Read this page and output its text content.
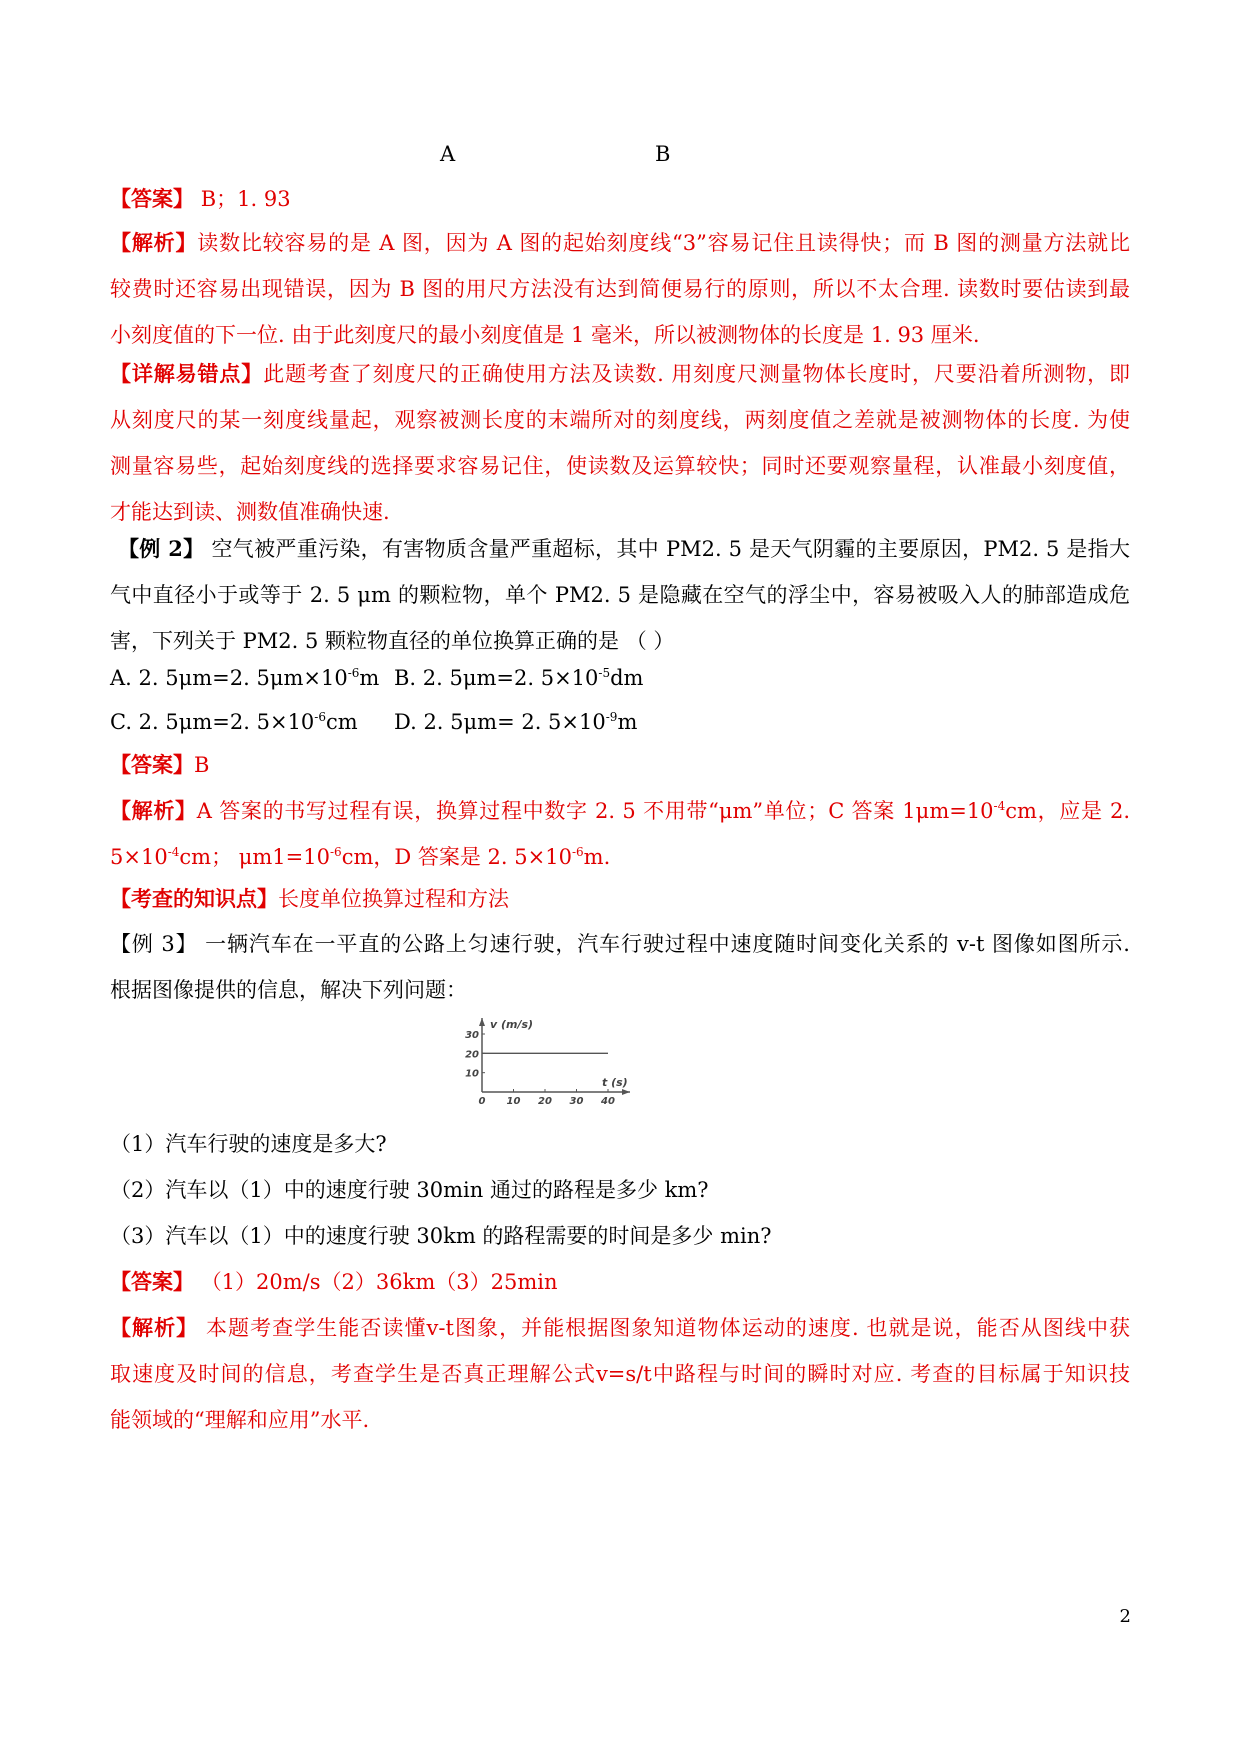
A	B
【答案】 B；1. 93
【解析】读数比较容易的是 A 图，因为 A 图的起始刻度线“3”容易记住且读得快；而 B 图的测量方法就比
较费时还容易出现错误，因为 B 图的用尺方法没有达到简便易行的原则，所以不太合理. 读数时要估读到最
小刻度值的下一位. 由于此刻度尺的最小刻度值是 1 毫米，所以被测物体的长度是 1. 93 厘米.
【详解易错点】此题考查了刻度尺的正确使用方法及读数. 用刻度尺测量物体长度时，尺要沿着所测物，即
从刻度尺的某一刻度线量起，观察被测长度的末端所对的刻度线，两刻度值之差就是被测物体的长度. 为使
测量容易些，起始刻度线的选择要求容易记住，使读数及运算较快；同时还要观察量程，认准最小刻度值，
才能达到读、测数值准确快速.
【例 2】 空气被严重污染，有害物质含量严重超标，其中 PM2. 5 是天气阴霾的主要原因，PM2. 5 是指大
气中直径小于或等于 2. 5 μm 的颗粒物，单个 PM2. 5 是隐藏在空气的浮尘中，容易被吸入人的肺部造成危
害，下列关于 PM2. 5 颗粒物直径的单位换算正确的是 （ ）
A. 2. 5μm=2. $5\mu m\times 10^{-6}m$ B. 2. 5μm=2. $5\times 10^{-5}dm$
C. 2. 5μm=2. $5\times 10^{-6}cm$ D. 2. 5μm= 2. $5\times 10^{-9}m$
【答案】B
【解析】A 答案的书写过程有误，换算过程中数字 2. 5 不用带“μm”单位；C 答案 $1\mu m=10^{-4}cm$，应是 2.
$5\times 10^{-4}cm$； $\mu m1=10^{-6}cm$，D 答案是 2. $5\times 10^{-6}m$.
【考查的知识点】长度单位换算过程和方法
【例 3】 一辆汽车在一平直的公路上匀速行驶，汽车行驶过程中速度随时间变化关系的 v-t 图像如图所示.
根据图像提供的信息，解决下列问题：
0 10 20 30 40
10
20
30
v (m/s)
t (s)
（1）汽车行驶的速度是多大?
（2）汽车以（1）中的速度行驶 30min 通过的路程是多少 km?
（3）汽车以（1）中的速度行驶 30km 的路程需要的时间是多少 min?
【答案】 （1）20m/s（2）36km（3）25min
【解析】 本题考查学生能否读懂v-t图象，并能根据图象知道物体运动的速度. 也就是说，能否从图线中获
取速度及时间的信息，考查学生是否真正理解公式v=s/t中路程与时间的瞬时对应. 考查的目标属于知识技
能领域的“理解和应用”水平.
2
